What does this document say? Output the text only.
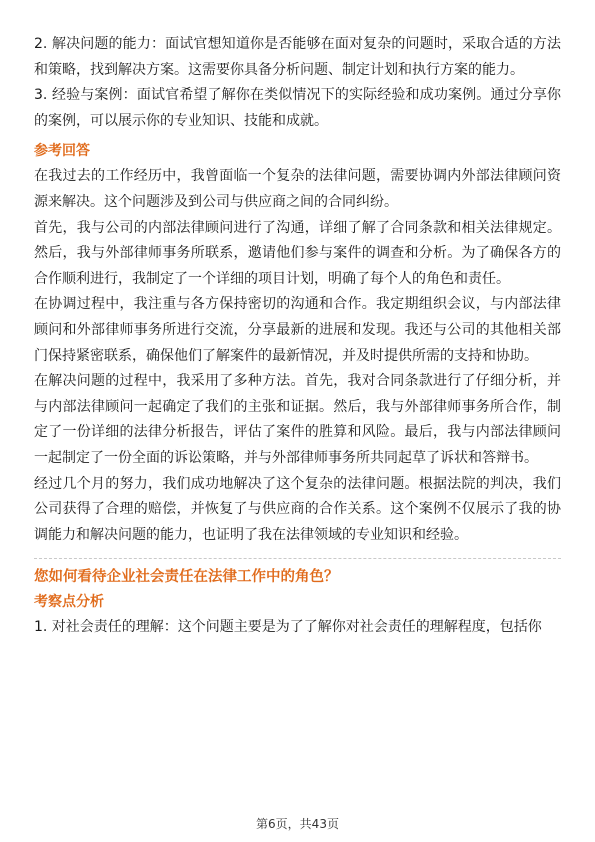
2. 解决问题的能力：面试官想知道你是否能够在面对复杂的问题时，采取合适的方法和策略，找到解决方案。这需要你具备分析问题、制定计划和执行方案的能力。

3. 经验与案例：面试官希望了解你在类似情况下的实际经验和成功案例。通过分享你的案例，可以展示你的专业知识、技能和成就。

参考回答

在我过去的工作经历中，我曾面临一个复杂的法律问题，需要协调内外部法律顾问资源来解决。这个问题涉及到公司与供应商之间的合同纠纷。

首先，我与公司的内部法律顾问进行了沟通，详细了解了合同条款和相关法律规定。然后，我与外部律师事务所联系，邀请他们参与案件的调查和分析。为了确保各方的合作顺利进行，我制定了一个详细的项目计划，明确了每个人的角色和责任。

在协调过程中，我注重与各方保持密切的沟通和合作。我定期组织会议，与内部法律顾问和外部律师事务所进行交流，分享最新的进展和发现。我还与公司的其他相关部门保持紧密联系，确保他们了解案件的最新情况，并及时提供所需的支持和协助。

在解决问题的过程中，我采用了多种方法。首先，我对合同条款进行了仔细分析，并与内部法律顾问一起确定了我们的主张和证据。然后，我与外部律师事务所合作，制定了一份详细的法律分析报告，评估了案件的胜算和风险。最后，我与内部法律顾问一起制定了一份全面的诉讼策略，并与外部律师事务所共同起草了诉状和答辩书。

经过几个月的努力，我们成功地解决了这个复杂的法律问题。根据法院的判决，我们公司获得了合理的赔偿，并恢复了与供应商的合作关系。这个案例不仅展示了我的协调能力和解决问题的能力，也证明了我在法律领域的专业知识和经验。

您如何看待企业社会责任在法律工作中的角色？
考察点分析

1. 对社会责任的理解：这个问题主要是为了了解你对社会责任的理解程度，包括你

第6页，共43页
